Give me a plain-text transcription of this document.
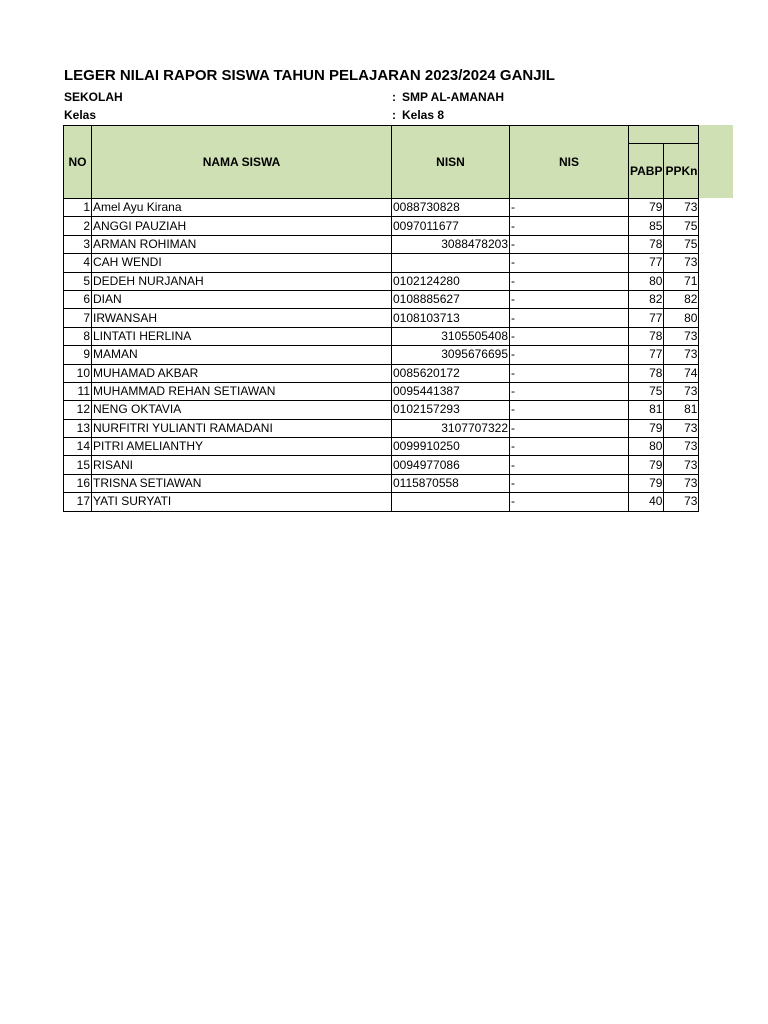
LEGER NILAI RAPOR SISWA TAHUN PELAJARAN 2023/2024 GANJIL
SEKOLAH	: SMP AL-AMANAH
Kelas	: Kelas 8
NO	NAMA SISWA	NISN	NIS		
				PABP	PPKn
1	Amel Ayu Kirana	0088730828	-	79	73
2	ANGGI PAUZIAH	0097011677	-	85	75
3	ARMAN ROHIMAN	3088478203	-	78	75
4	CAH WENDI		-	77	73
5	DEDEH NURJANAH	0102124280	-	80	71
6	DIAN	0108885627	-	82	82
7	IRWANSAH	0108103713	-	77	80
8	LINTATI HERLINA	3105505408	-	78	73
9	MAMAN	3095676695	-	77	73
10	MUHAMAD AKBAR	0085620172	-	78	74
11	MUHAMMAD REHAN SETIAWAN	0095441387	-	75	73
12	NENG OKTAVIA	0102157293	-	81	81
13	NURFITRI YULIANTI RAMADANI	3107707322	-	79	73
14	PITRI AMELIANTHY	0099910250	-	80	73
15	RISANI	0094977086	-	79	73
16	TRISNA SETIAWAN	0115870558	-	79	73
17	YATI SURYATI		-	40	73
